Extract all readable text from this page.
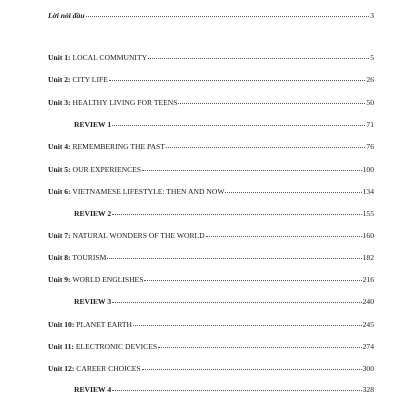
Lời nói đầu	3
Unit 1: LOCAL COMMUNITY	5
Unit 2: CITY LIFE	26
Unit 3: HEALTHY LIVING FOR TEENS	50
REVIEW 1	71
Unit 4: REMEMBERING THE PAST	76
Unit 5: OUR EXPERIENCES	100
Unit 6: VIETNAMESE LIFESTYLE: THEN AND NOW	134
REVIEW 2	155
Unit 7: NATURAL WONDERS OF THE WORLD	160
Unit 8: TOURISM	182
Unit 9: WORLD ENGLISHES	216
REVIEW 3	240
Unit 10: PLANET EARTH	245
Unit 11: ELECTRONIC DEVICES	274
Unit 12: CAREER CHOICES	300
REVIEW 4	328
